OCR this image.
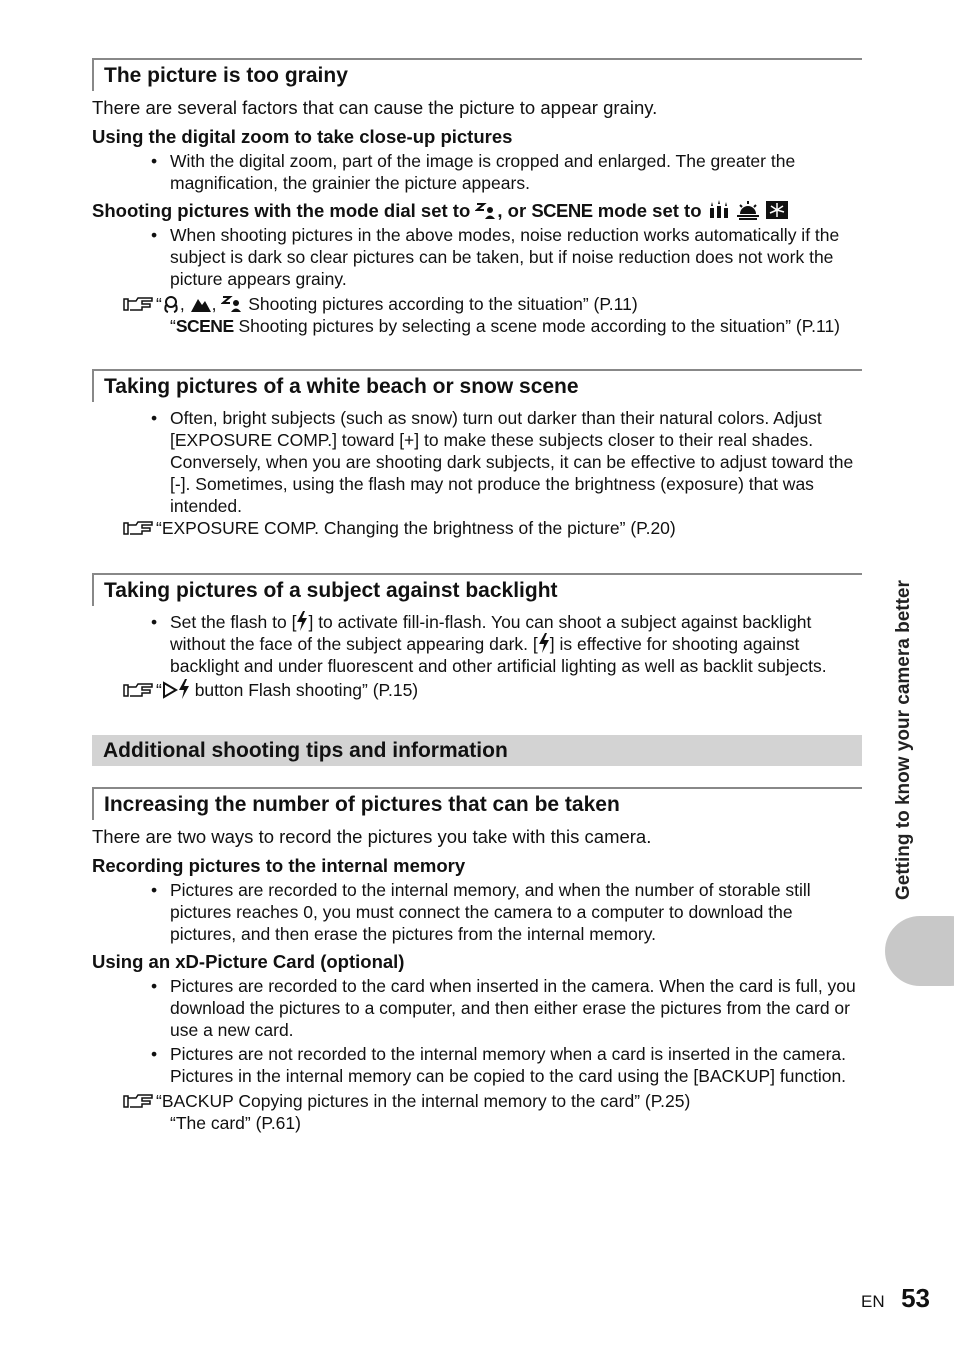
The picture is too grainy
There are several factors that can cause the picture to appear grainy.
Using the digital zoom to take close-up pictures
• With the digital zoom, part of the image is cropped and enlarged. The greater the magnification, the grainier the picture appears.
Shooting pictures with the mode dial set to , or SCENE mode set to
• When shooting pictures in the above modes, noise reduction works automatically if the subject is dark so clear pictures can be taken, but if noise reduction does not work the picture appears grainy.
“ , , Shooting pictures according to the situation” (P.11)
“SCENE Shooting pictures by selecting a scene mode according to the situation” (P.11)
Taking pictures of a white beach or snow scene
• Often, bright subjects (such as snow) turn out darker than their natural colors. Adjust [EXPOSURE COMP.] toward [+] to make these subjects closer to their real shades. Conversely, when you are shooting dark subjects, it can be effective to adjust toward the [-]. Sometimes, using the flash may not produce the brightness (exposure) that was intended.
“EXPOSURE COMP. Changing the brightness of the picture” (P.20)
Taking pictures of a subject against backlight
• Set the flash to [ ] to activate fill-in-flash. You can shoot a subject against backlight without the face of the subject appearing dark. [ ] is effective for shooting against backlight and under fluorescent and other artificial lighting as well as backlit subjects.
“ button Flash shooting” (P.15)
Additional shooting tips and information
Increasing the number of pictures that can be taken
There are two ways to record the pictures you take with this camera.
Recording pictures to the internal memory
• Pictures are recorded to the internal memory, and when the number of storable still pictures reaches 0, you must connect the camera to a computer to download the pictures, and then erase the pictures from the internal memory.
Using an xD-Picture Card (optional)
• Pictures are recorded to the card when inserted in the camera. When the card is full, you download the pictures to a computer, and then either erase the pictures from the card or use a new card.
• Pictures are not recorded to the internal memory when a card is inserted in the camera. Pictures in the internal memory can be copied to the card using the [BACKUP] function.
“BACKUP Copying pictures in the internal memory to the card” (P.25)
“The card” (P.61)
Getting to know your camera better
EN 53
